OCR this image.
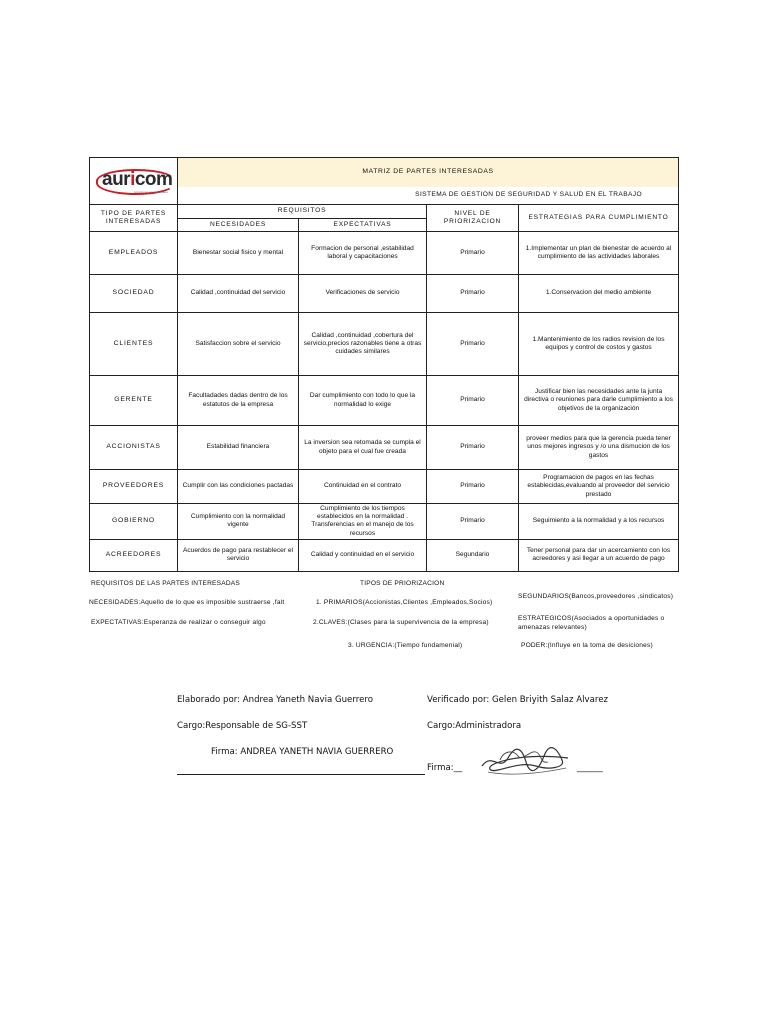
auricom
soluciones empresariales	MATRIZ DE PARTES INTERESADAS			
	SISTEMA DE GESTION DE SEGURIDAD Y SALUD EN EL TRABAJO			
TIPO DE PARTES INTERESADAS	REQUISITOS		NIVEL DE PRIORIZACION	ESTRATEGIAS PARA CUMPLIMIENTO
	NECESIDADES	EXPECTATIVAS		
EMPLEADOS	Bienestar social fisico y mental	Formacion de personal ,estabilidad laboral y capacitaciones	Primario	1.Implementar un plan de bienestar de acuerdo al cumplimiento de las actividades laborales
SOCIEDAD	Calidad ,continuidad del servicio	Verificaciones de servicio	Primario	1.Conservacion del medio ambiente
CLIENTES	Satisfaccion sobre el servicio	Calidad ,continuidad ,cobertura del servicio,precios razonables tiene a otras cuidades similares	Primario	1.Mantenimiento de los radios revision de los equipos y control de costos y gastos
GERENTE	Facultadades dadas dentro de los estatutos de la empresa	Dar cumplimiento con todo lo que la normalidad lo exige	Primario	Justificar bien las necesidades ante la junta directiva o reuniones para darle cumplimiento a los objetivos de la organización
ACCIONISTAS	Estabilidad financiera	La inversion sea retomada se cumpla el objeto para el cual fue creada	Primario	proveer medios para que la gerencia pueda tener unos mejores ingresos y /o una dismucion de los gastos
PROVEEDORES	Cumplir con las condiciones pactadas	Continuidad en el contrato	Primario	Programacion de pagos en las fechas establecidas,evaluando al proveedor del servicio prestado
GOBIERNO	Cumplimiento con la normalidad vigente	Cumplimiento de los tiempos establecidos en la normalidad . Transferencias en el manejo de los recursos	Primario	Seguimiento a la normalidad y a los recursos
ACREEDORES	Acuerdos de pago para restablecer el servicio	Calidad y continuidad en el servicio	Segundario	Tener personal para dar un acercamiento con los acreedores y asi llegar a un acuerdo de pago
REQUISITOS DE LAS PARTES INTERESADAS
NECESIDADES:Aquello de lo que es imposible sustraerse ,falt
EXPECTATIVAS:Esperanza de realizar o conseguir algo
TIPOS DE PRIORIZACION
1. PRIMARIOS(Accionistas,Clientes ,Empleados,Socios)
2.CLAVES:(Clases para la supervivencia de la empresa)
3. URGENCIA:(Tiempo fundamenial)
SEGUNDARIOS(Bancos,proveedores ,sindicatos)
ESTRATEGICOS(Asociados a oportunidades o amenazas relevantes)
PODER:(Influye en la toma de desiciones)
Elaborado por: Andrea Yaneth Navia Guerrero	Verificado por: Gelen Briyith Salaz Alvarez
Cargo:Responsable de SG-SST	Cargo:Administradora
Firma: ANDREA YANETH NAVIA GUERRERO
Firma:__	______
